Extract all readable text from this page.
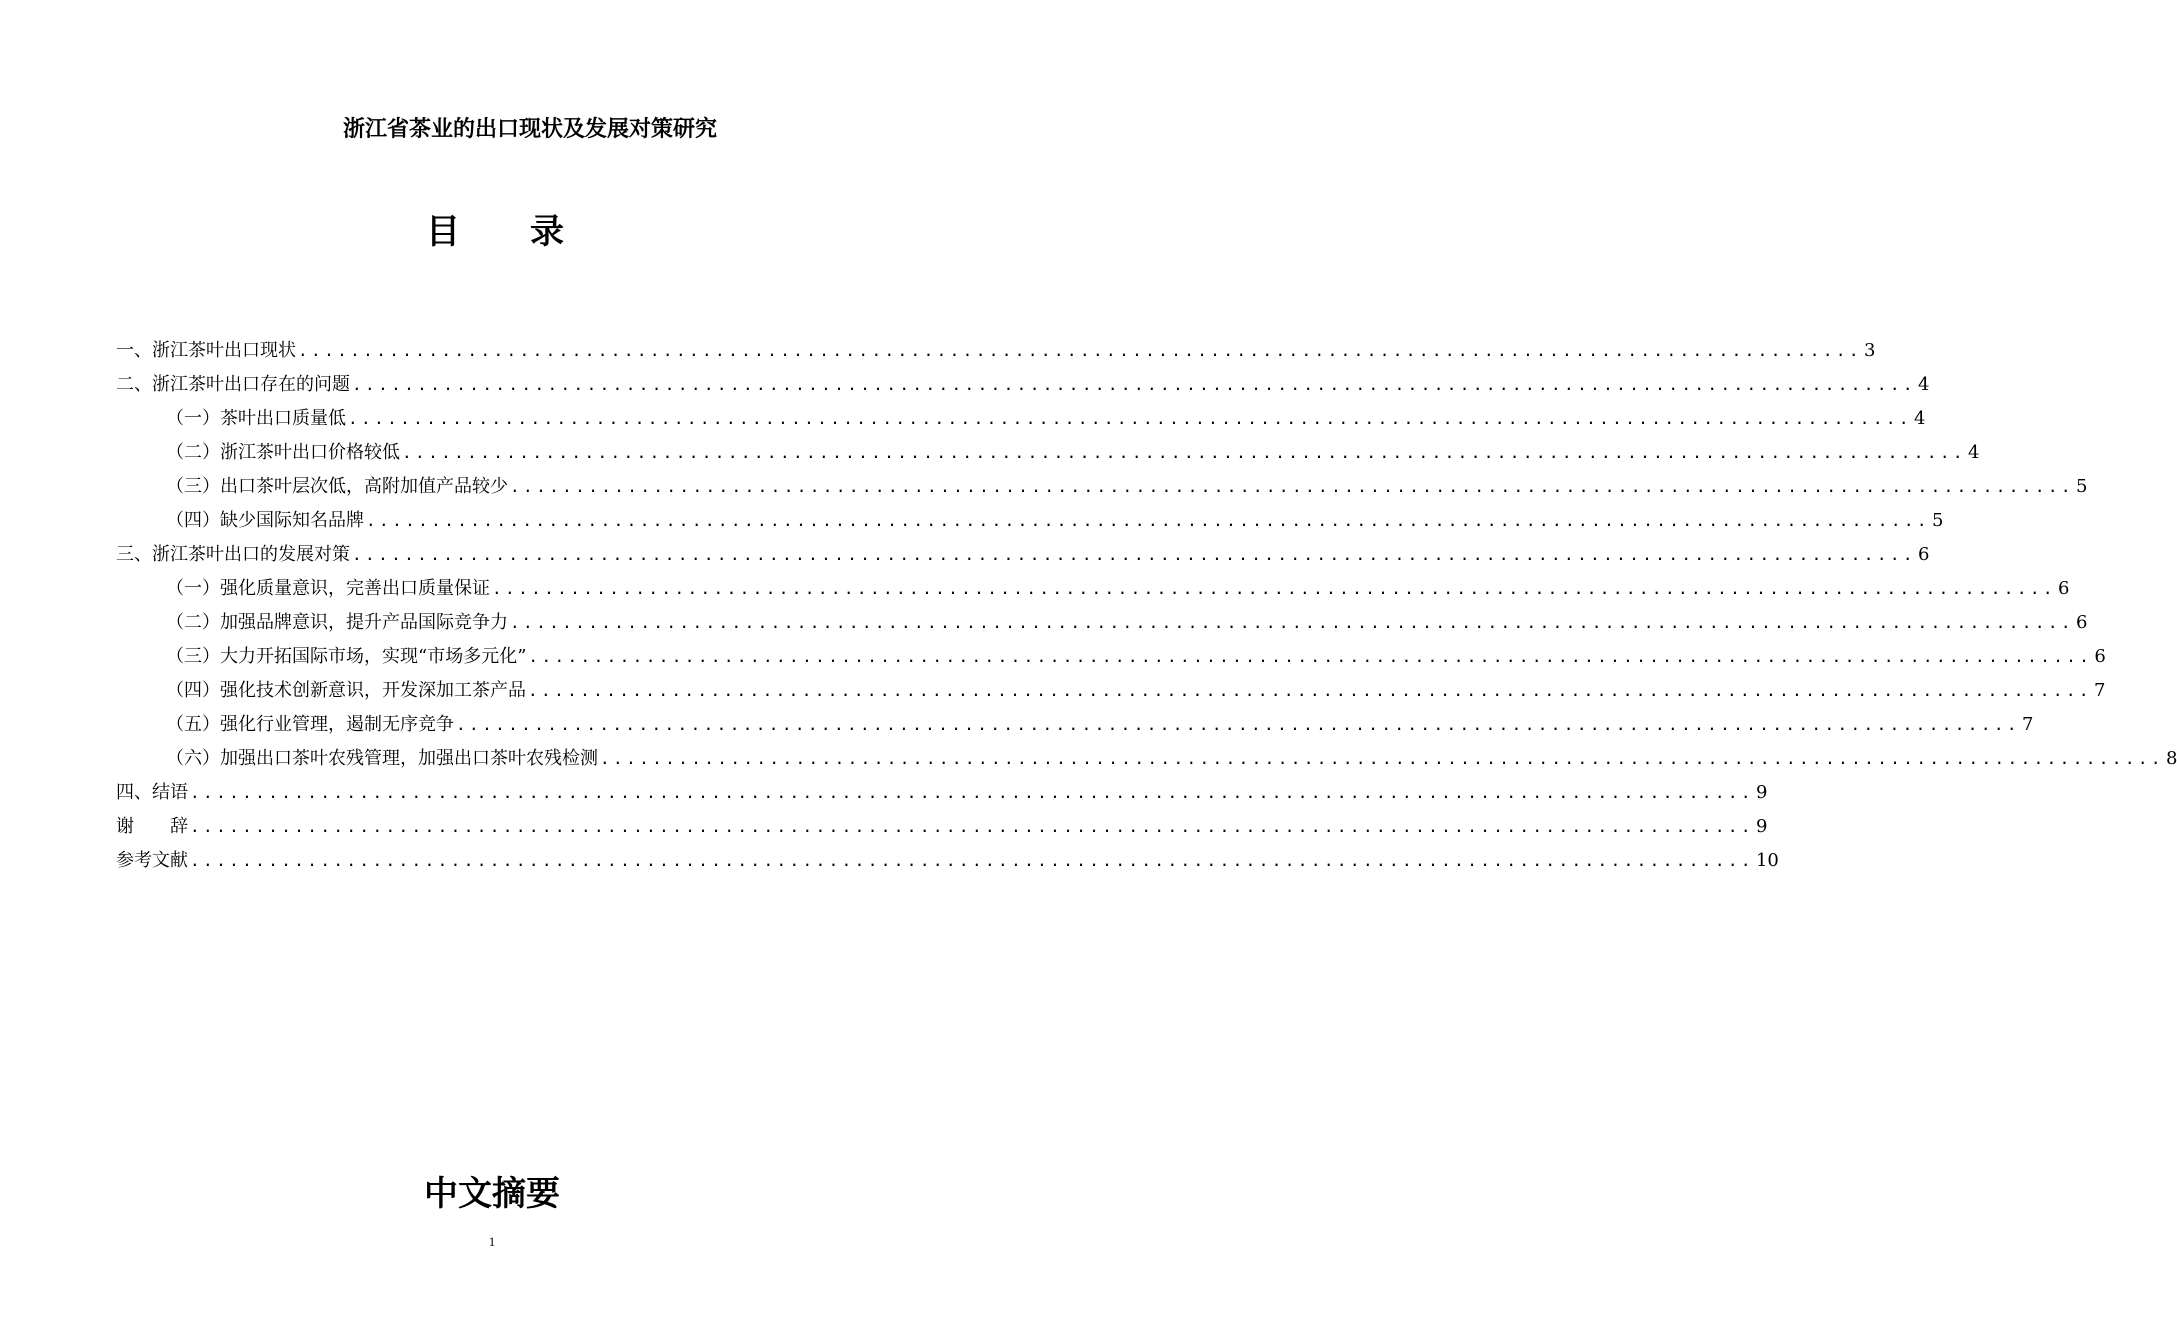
浙江省茶业的出口现状及发展对策研究
目 录
一、浙江茶叶出口现状 ........................................................................................................................ 3
二、浙江茶叶出口存在的问题 ........................................................................................................................ 4
（一）茶叶出口质量低 ........................................................................................................................ 4
（二）浙江茶叶出口价格较低 ........................................................................................................................ 4
（三）出口茶叶层次低，高附加值产品较少 ........................................................................................................................ 5
（四）缺少国际知名品牌 ........................................................................................................................ 5
三、浙江茶叶出口的发展对策 ........................................................................................................................ 6
（一）强化质量意识，完善出口质量保证 ........................................................................................................................ 6
（二）加强品牌意识，提升产品国际竞争力 ........................................................................................................................ 6
（三）大力开拓国际市场，实现“市场多元化” ........................................................................................................................ 6
（四）强化技术创新意识，开发深加工茶产品 ........................................................................................................................ 7
（五）强化行业管理，遏制无序竞争 ........................................................................................................................ 7
（六）加强出口茶叶农残管理，加强出口茶叶农残检测 ........................................................................................................................ 8
四、结语 ........................................................................................................................ 9
谢　　辞 ........................................................................................................................ 9
参考文献 ........................................................................................................................ 10
中文摘要
1
